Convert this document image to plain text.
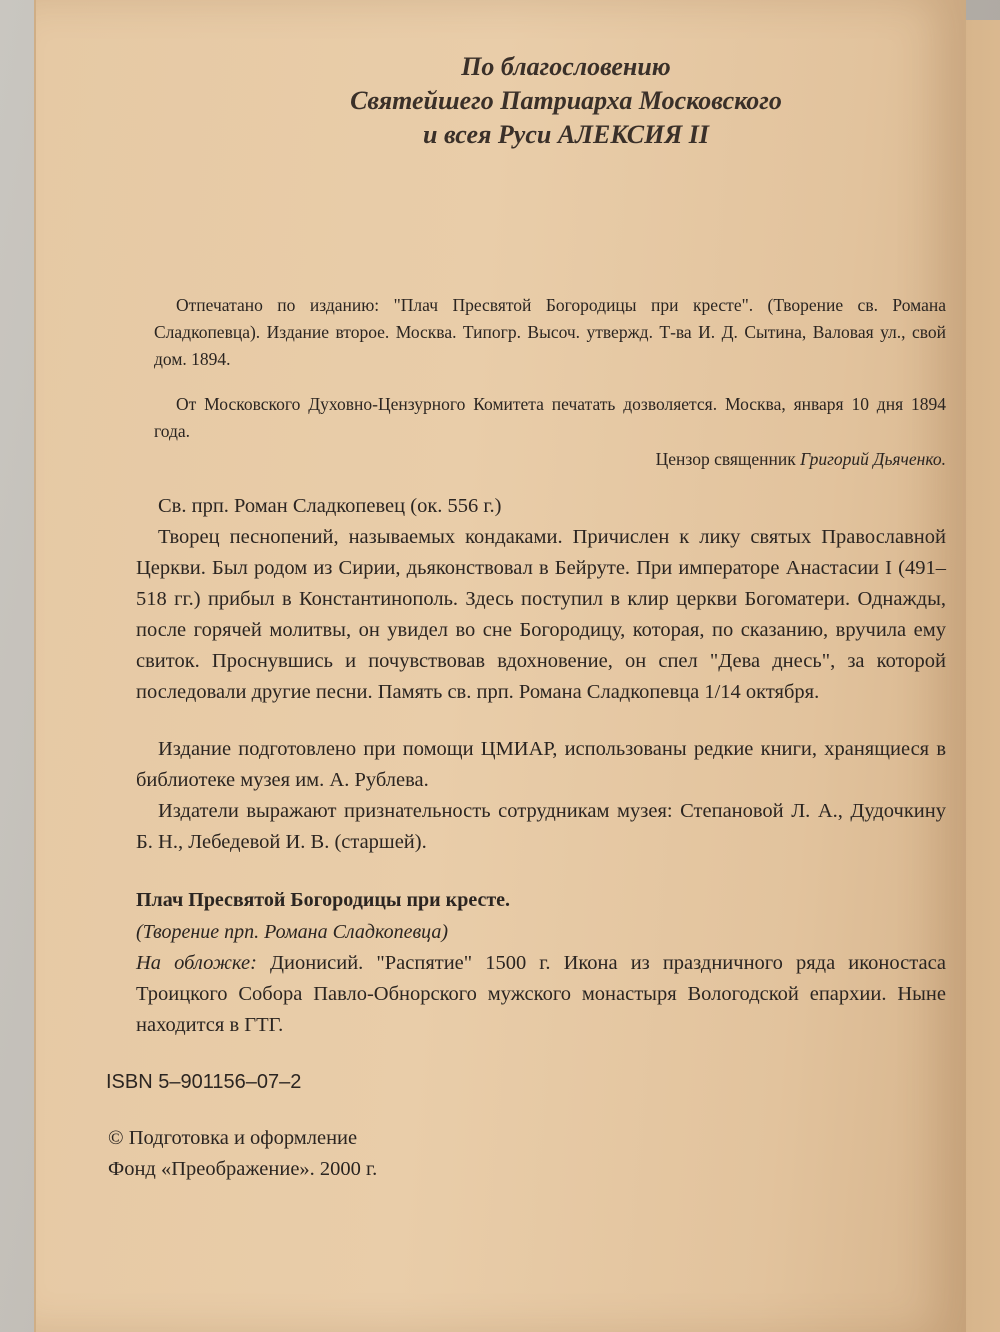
По благословению
Святейшего Патриарха Московского
и всея Руси АЛЕКСИЯ II

Отпечатано по изданию: "Плач Пресвятой Богородицы при кресте". (Творение св. Романа Сладкопевца). Издание второе. Москва. Типогр. Высоч. утвержд. Т-ва И. Д. Сытина, Валовая ул., свой дом. 1894.

От Московского Духовно-Цензурного Комитета печатать дозволяется. Москва, января 10 дня 1894 года.

Цензор священник Григорий Дьяченко.

Св. прп. Роман Сладкопевец (ок. 556 г.)

Творец песнопений, называемых кондаками. Причислен к лику святых Православной Церкви. Был родом из Сирии, дьяконствовал в Бейруте. При императоре Анастасии I (491–518 гг.) прибыл в Константинополь. Здесь поступил в клир церкви Богоматери. Однажды, после горячей молитвы, он увидел во сне Богородицу, которая, по сказанию, вручила ему свиток. Проснувшись и почувствовав вдохновение, он спел "Дева днесь", за которой последовали другие песни. Память св. прп. Романа Сладкопевца 1/14 октября.

Издание подготовлено при помощи ЦМИАР, использованы редкие книги, хранящиеся в библиотеке музея им. А. Рублева.

Издатели выражают признательность сотрудникам музея: Степановой Л. А., Дудочкину Б. Н., Лебедевой И. В. (старшей).

Плач Пресвятой Богородицы при кресте.

(Творение прп. Романа Сладкопевца)

На обложке: Дионисий. "Распятие" 1500 г. Икона из праздничного ряда иконостаса Троицкого Собора Павло-Обнорского мужского монастыря Вологодской епархии. Ныне находится в ГТГ.

ISBN 5–901156–07–2

© Подготовка и оформление

Фонд «Преображение». 2000 г.
